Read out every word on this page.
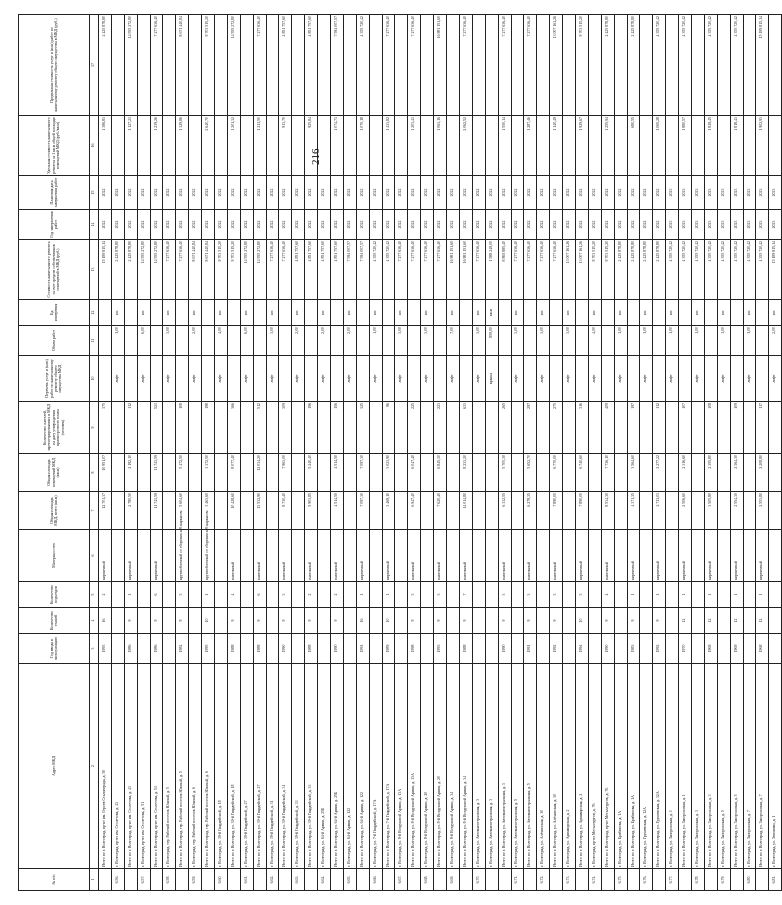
216
№ п/п	Адрес МКД	Год ввода в эксплуатацию	Количество этажей	Количество подъездов	Материал стен	Общая площадь МКД, всего (кв.м)	Общая площадь помещений МКД (кв.м)	Количество жителей, зарегистрированных в МКД на дату утверждения краткосрочного плана (человек)	Перечень услуг и (или) работ по капитальному ремонту общего имущества МКД	Объем работ	Ед. измерения	Стоимость капитального ремонта за счет средств собственников помещений в МКД (руб.)	Год завершения работ	Плановая дата завершения работ	Удельная стоимость капитального ремонта за 1 кв.м общей площади помещений МКД (руб./кв.м)	Предельная стоимость услуг и (или) работ по капитальному ремонту общего имущества в МКД (руб.)
1	2	3	4	5	6	7	8	9	10	11	12	13	14	15	16	17
	Итого по г. Волгоград, пр-кт им. Героев Сталинграда, д. 50	1993	16	2	кирпичный	12 701,37	10 951,07	375				15 189 815,14	2022	2022	1 386,81	2 425 878,80
6.56.	г. Волгоград, пр-кт им. Столетова, д. 43								лифт	1,00	шт.	2 425 878,80	2022	2022		
	Итого по г. Волгоград, пр-кт им. Столетова, д. 43	1986	9	1	кирпичный	2 780,50	2 192,10	112				2 425 878,80	2022	2022	1 127,21	14 555 272,80
6.57.	г. Волгоград, пр-кт им. Столетова, д. 51								лифт	6,00	шт.	14 555 272,80	2022	2022		
	Итого по г. Волгоград, пр-кт им. Столетова, д. 51	1986	9	6	кирпичный	11 743,59	11 743,59	521				14 555 272,80	2022	2022	1 239,26	7 277 636,40
6.58.	г. Волгоград, тер. Рабочий поселок Южный, д. 5								лифт	3,00	шт.	7 277 636,40	2022	2022		
	Итого по г. Волгоград, тер. Рабочий поселок Южный, д. 5	1984	9	3	крупноблочный со сборным ж/б каркасом	5 604,60	5 472,50	108				7 277 636,40	2022	2022	1 329,86	8 671 440,84
6.59.	г. Волгоград, тер. Рабочий поселок Южный, д. 6								лифт	2,00	шт.	8 671 440,84	2022	2022		
	Итого по г. Волгоград, тер. Рабочий поселок Южный, д. 6	1995	10	1	крупноблочный со сборным ж/б каркасом	3 463,60	3 372,50	198				8 671 440,84	2022	2022	2 640,70	9 703 515,20
6.60.	г. Волгоград, ул. 39-й Гвардейской, д. 18								лифт	4,00	шт.	9 703 515,20	2022	2022		
	Итого по г. Волгоград, ул. 39-й Гвардейской, д. 18	1988	9	4	панельный	10 428,60	8 077,40	366				9 703 515,20	2022	2022	1 201,32	14 555 272,80
6.61.	г. Волгоград, ул. 39-й Гвардейской, д. 27								лифт	6,00	шт.	14 555 272,80	2022	2022		
	Итого по г. Волгоград, ул. 39-й Гвардейской, д. 27	1988	9	6	панельный	13 532,90	12 034,20	512				14 555 272,80	2022	2022	1 211,50	7 277 636,40
6.62.	г. Волгоград, ул. 39-й Гвардейской, д. 31								лифт	3,00	шт.	7 277 636,40	2022	2022		
	Итого по г. Волгоград, ул. 39-й Гвардейской, д. 31	1990	9	3	панельный	8 730,40	7 963,00	309				7 277 636,40	2022	2022	913,70	4 851 757,60
6.63.	г. Волгоград, ул. 39-й Гвардейской, д. 33								лифт	2,00	шт.	4 851 757,60	2022	2022		
	Итого по г. Волгоград, ул. 39-й Гвардейской, д. 33	1988	9	2	панельный	5 903,85	5 240,40	196				4 851 757,60	2022	2022	925,84	4 851 757,60
6.64.	г. Волгоград, ул. 64-й Армии, д. 25Б								лифт	2,00	шт.	4 851 757,60	2022	2022		
	Итого по г. Волгоград, ул. 64-й Армии, д. 25Б	1990	9	2	панельный	4 514,50	4 514,50	156				4 851 757,60	2022	2022	1 074,71	7 594 007,57
6.65.	г. Волгоград, ул. 64-й Армии, д. 122								лифт	2,00	шт.	7 594 007,57	2022	2022		
	Итого по г. Волгоград, ул. 64-й Армии, д. 122	1991	16	1	кирпичный	7 097,30	7 097,30	325				7 594 007,57	2022	2022	1 070,18	4 355 720,42
6.66.	г. Волгоград, ул. 7-й Гвардейской, д. 17А								лифт	1,00	шт.	4 355 720,42	2022	2022		
	Итого по г. Волгоград, ул. 7-й Гвардейской, д. 17А	1989	10	1	кирпичный	3 469,10	3 023,90	96				4 355 720,42	2022	2022	1 433,82	7 277 636,40
6.67.	г. Волгоград, ул. 8-й Воздушной Армии, д. 13А								лифт	3,00	шт.	7 277 636,40	2022	2022		
	Итого по г. Волгоград, ул. 8-й Воздушной Армии, д. 13А	1998	9	3	панельный	6 947,40	6 047,40	225				7 277 636,40	2022	2022	1 203,43	7 277 636,40
6.68.	г. Волгоград, ул. 8-й Воздушной Армии, д. 20								лифт	3,00	шт.	7 277 636,40	2022	2022		
	Итого по г. Волгоград, ул. 8-й Воздушной Армии, д. 20	1993	9	3	панельный	7 620,40	6 845,30	223				7 277 636,40	2022	2022	1 063,16	16 981 151,60
6.69.	г. Волгоград, ул. 8-й Воздушной Армии, д. 34								лифт	7,00	шт.	16 981 151,60	2022	2022		
	Итого по г. Волгоград, ул. 8-й Воздушной Армии, д. 34	1988	9	7	панельный	14 014,80	8 233,20	633				16 981 151,60	2022	2022	2 062,52	7 277 636,40
6.70.	г. Волгоград, ул. Автомагистральная, д. 3								лифт	3,00	шт.	7 277 636,40	2022	2022		
	г. Волгоград, ул. Автомагистральная, д. 3								крыша	859,00	кв.м	1 588 249,00	2022	2022		
	Итого по г. Волгоград, ул. Автомагистральная, д. 3	1990	9	3	панельный	6 332,55	5 705,30	265				8 865 885,40	2022	2022	1 550,14	7 277 636,40
6.71.	г. Волгоград, ул. Автомагистральная, д. 5								лифт	3,00	шт.	7 277 636,40	2022	2022		
	Итого по г. Волгоград, ул. Автомагистральная, д. 5	1991	9	3	панельный	6 278,35	5 652,70	297				7 277 636,40	2022	2022	1 287,46	7 277 636,40
6.72.	г. Волгоград, ул. Алёхинская, д. 30								лифт	3,00	шт.	7 277 636,40	2022	2022		
	Итого по г. Волгоград, ул. Алёхинская, д. 30	1992	9	3	панельный	7 890,00	6 770,00	275				7 277 636,40	2022	2022	1 140,49	13 007 161,26
6.73.	г. Волгоград, ул. Армавирская, д. 2								лифт	3,00	шт.	13 007 161,26	2022	2022		
	Итого по г. Волгоград, ул. Армавирская, д. 2	1994	10	3	кирпичный	7 890,00	6 740,60	316				13 007 161,26	2022	2022	1 929,67	9 703 515,20
6.74.	г. Волгоград, пр-кт Металлургов, д. 76								лифт	4,00	шт.	9 703 515,20	2022	2022		
	Итого по г. Волгоград, пр-кт Металлургов, д. 76	1990	9	4	панельный	8 534,30	7 736,10	409				9 703 515,20	2022	2022	1 255,94	2 425 878,80
6.75.	г. Волгоград, ул. Брябинова, д. 1А								лифт	1,00	шт.	2 425 878,80	2022	2022		
	Итого по г. Волгоград, ул. Брябинова, д. 1А	1983	9	1	кирпичный	4 371,35	3 564,60	197				2 425 878,80	2022	2022	680,55	2 425 878,80
6.76.	г. Волгоград, ул. Грушевская, д. 12А								лифт	1,00	шт.	2 425 878,80	2022	2022		
	Итого по г. Волгоград, ул. Грушевская, д. 12А	1992	9	1	кирпичный	2 711,01	2 277,22	112				2 425 878,80	2022	2022	1 065,28	4 355 720,42
6.77.	г. Волгоград, ул. Запорожская, д. 1								лифт	1,00	шт.	4 355 720,42	2023	2023		
	Итого по г. Волгоград, ул. Запорожская, д. 1	1970	12	1	кирпичный	2 506,60	2 316,60	107				4 355 720,42	2023	2023	1 880,57	4 355 720,42
6.78.	г. Волгоград, ул. Запорожская, д. 3								лифт	1,00	шт.	4 355 720,42	2023	2023		
	Итого по г. Волгоград, ул. Запорожская, д. 3	1969	12	1	кирпичный	3 505,80	2 355,80	108				4 355 720,42	2023	2023	1 849,45	4 355 720,42
6.79.	г. Волгоград, ул. Запорожская, д. 5								лифт	1,00	шт.	4 355 720,42	2023	2023		
	Итого по г. Волгоград, ул. Запорожская, д. 5	1969	12	1	кирпичный	2 554,30	2 364,30	109				4 355 720,42	2023	2023	1 818,43	4 355 720,42
6.80.	г. Волгоград, ул. Запорожская, д. 7								лифт	1,00	шт.	4 355 720,42	2023	2023		
	Итого по г. Волгоград, ул. Запорожская, д. 7	1968	12	1	кирпичный	2 553,80	2 208,80	117				4 355 720,42	2023	2023	1 902,93	15 189 815,14
6.81.	г. Волгоград, ул. Землячки, д. 1								лифт	2,00	шт.	15 189 815,14	2023	2023		
